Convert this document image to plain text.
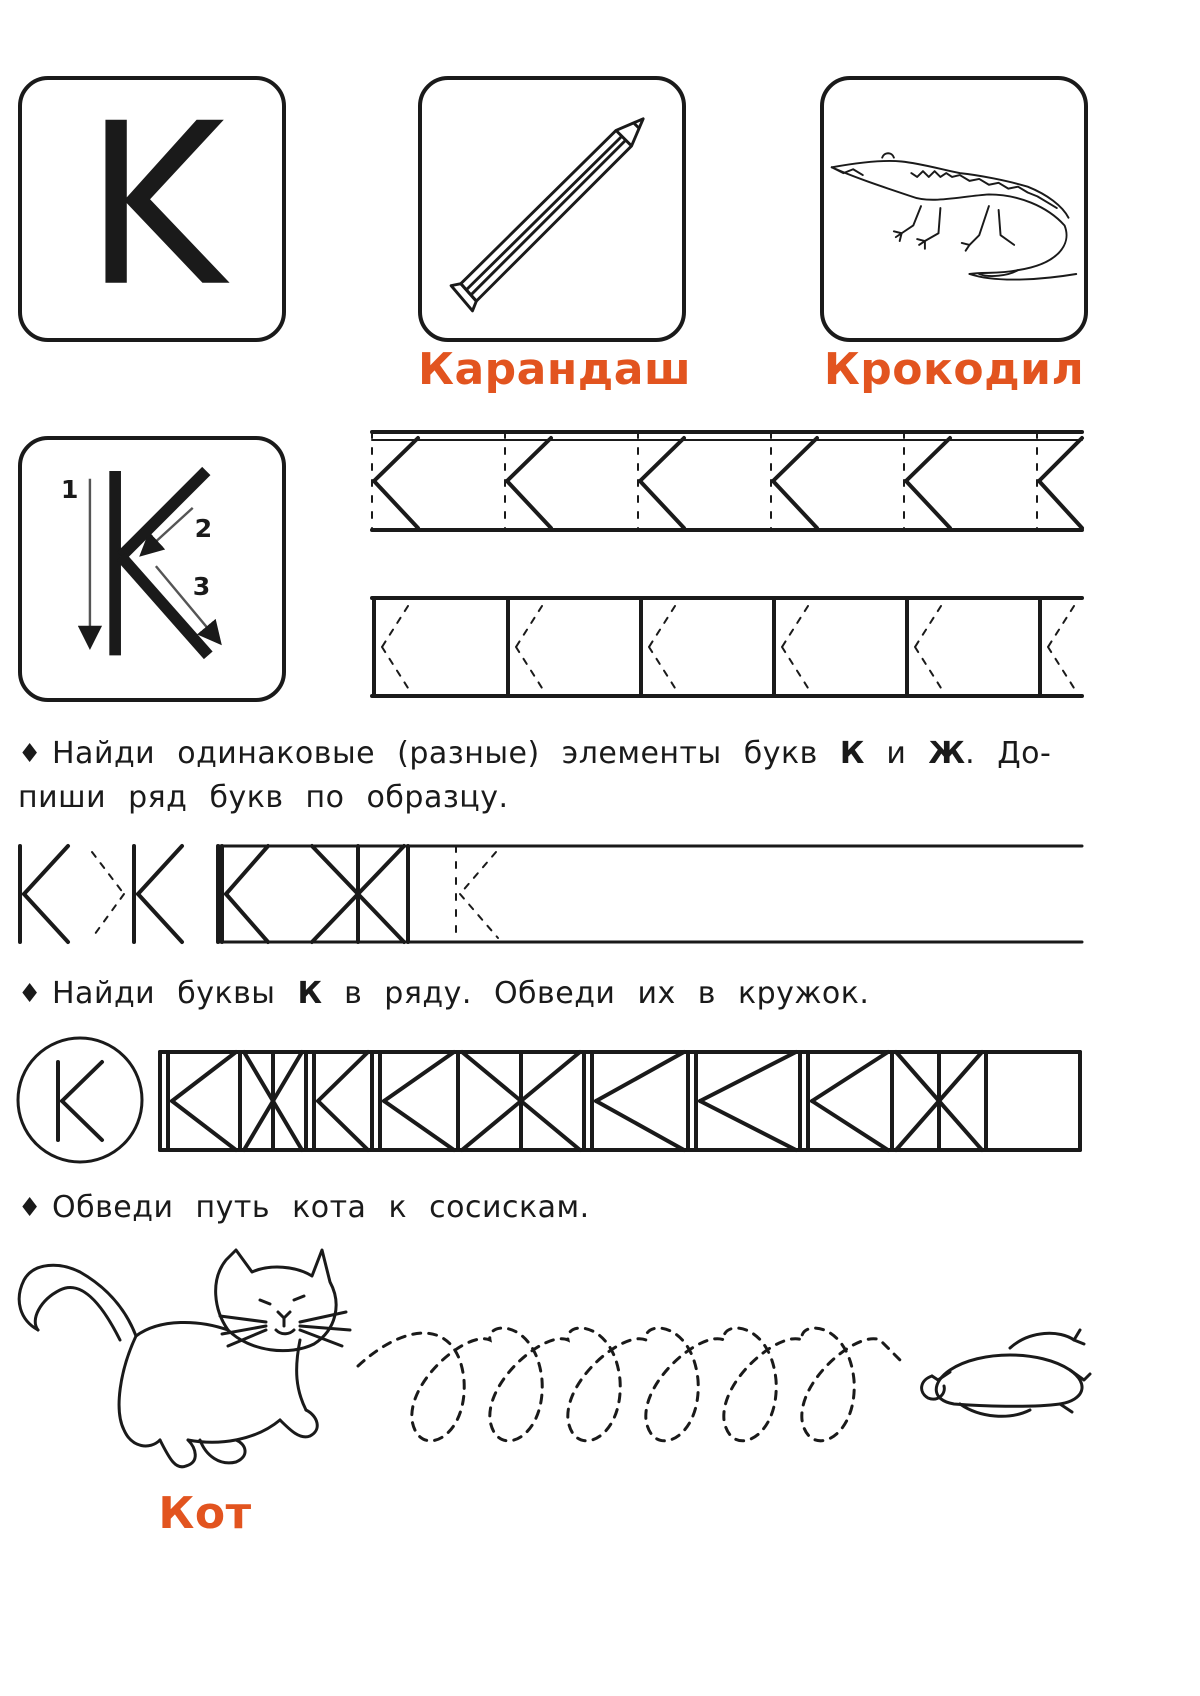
Карандаш	Крокодил
1
2
3
♦ Найди одинаковые (разные) элементы букв К и Ж. До-
пиши ряд букв по образцу.
♦ Найди буквы К в ряду. Обведи их в кружок.
♦ Обведи путь кота к сосискам.
Кот
